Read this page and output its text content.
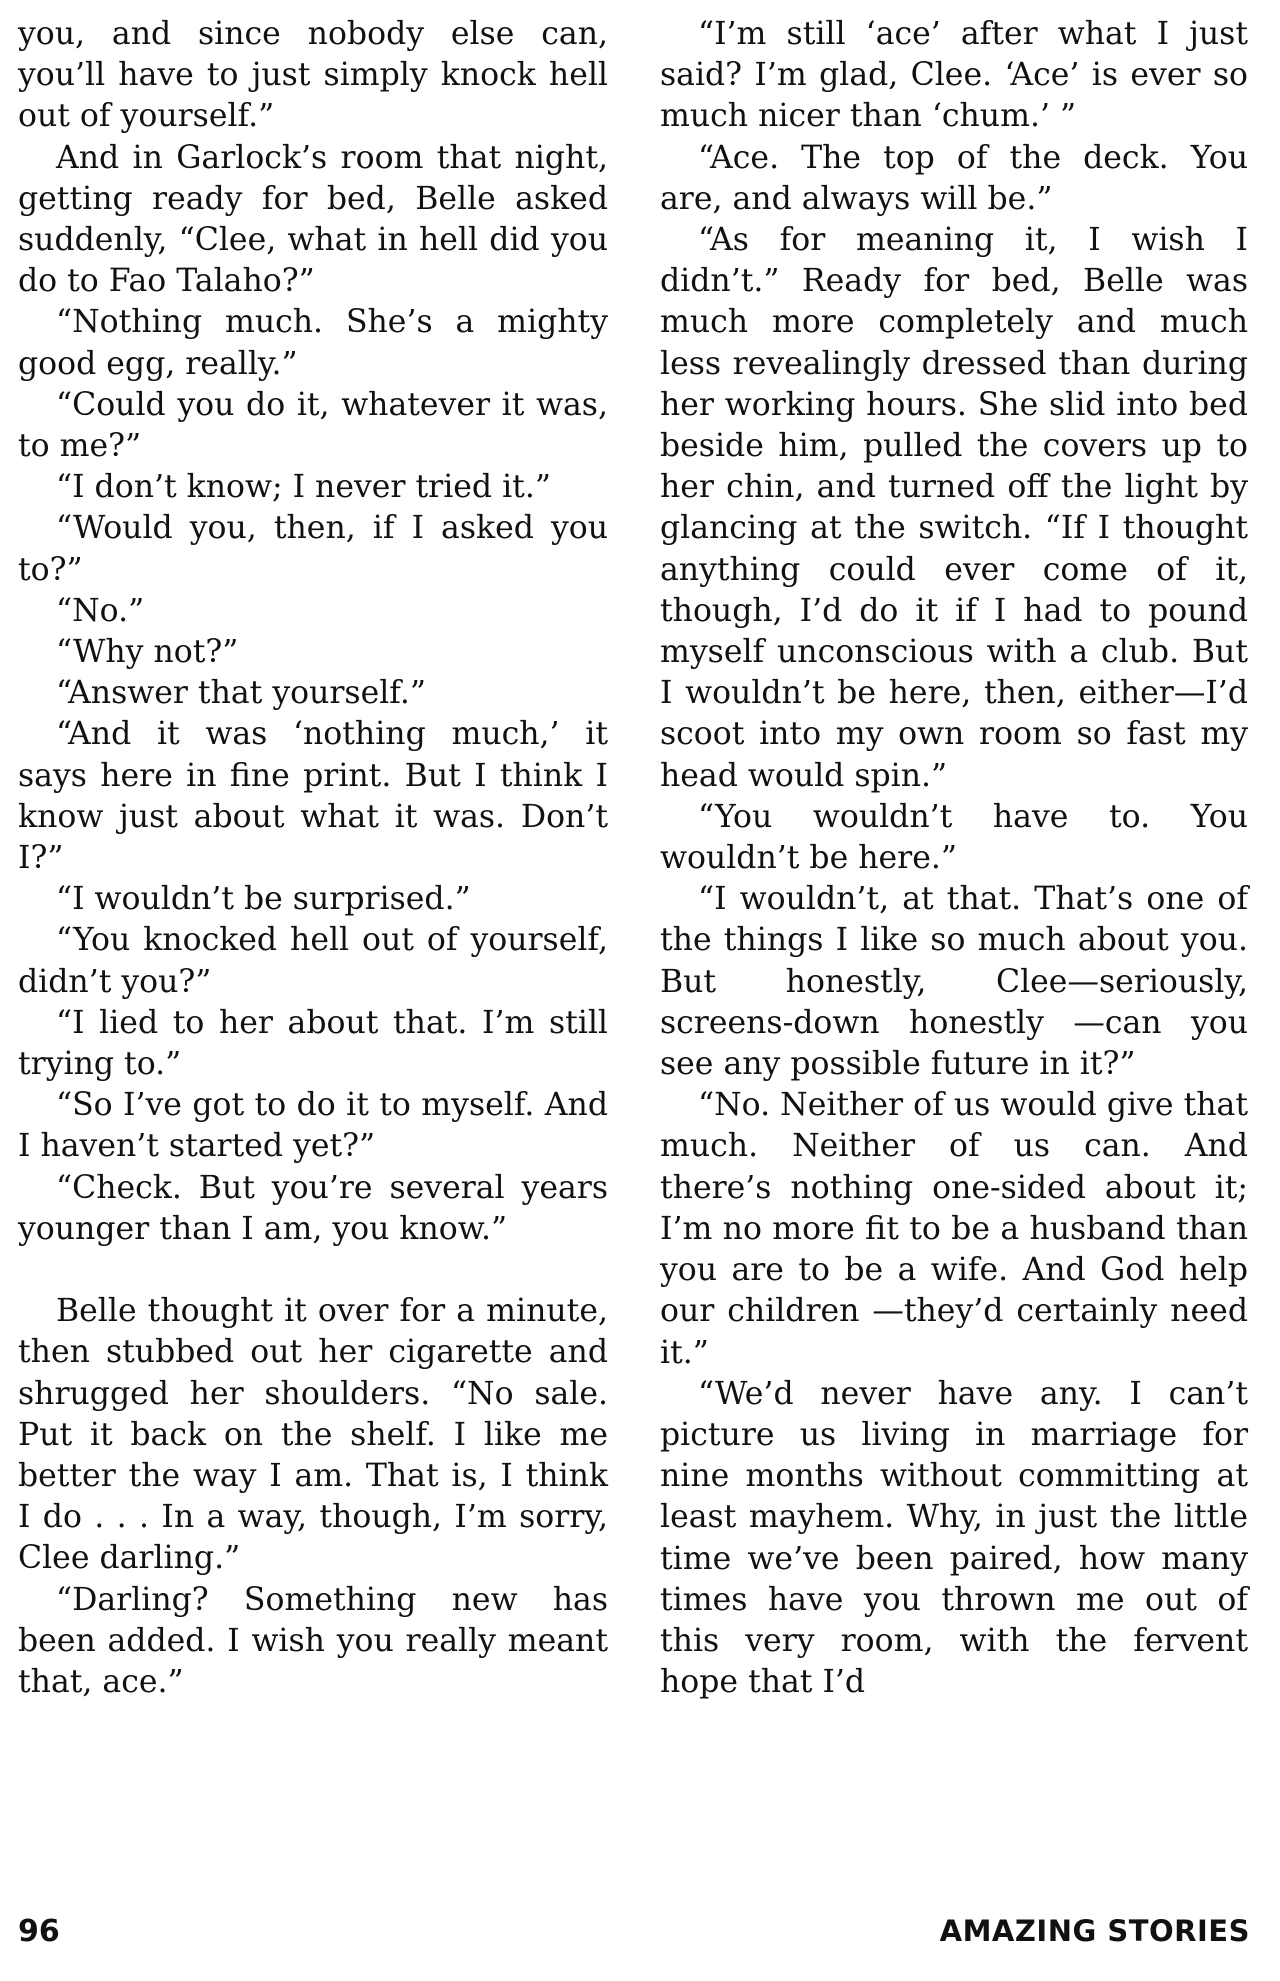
you, and since nobody else can, you’ll have to just simply knock hell out of yourself.”

And in Garlock’s room that night, getting ready for bed, Belle asked suddenly, “Clee, what in hell did you do to Fao Talaho?”

“Nothing much. She’s a mighty good egg, really.”

“Could you do it, whatever it was, to me?”

“I don’t know; I never tried it.”

“Would you, then, if I asked you to?”

“No.”

“Why not?”

“Answer that yourself.”

“And it was ‘nothing much,’ it says here in fine print. But I think I know just about what it was. Don’t I?”

“I wouldn’t be surprised.”

“You knocked hell out of yourself, didn’t you?”

“I lied to her about that. I’m still trying to.”

“So I’ve got to do it to myself. And I haven’t started yet?”

“Check. But you’re several years younger than I am, you know.”

Belle thought it over for a minute, then stubbed out her cigarette and shrugged her shoulders. “No sale. Put it back on the shelf. I like me better the way I am. That is, I think I do . . . In a way, though, I’m sorry, Clee darling.”

“Darling? Something new has been added. I wish you really meant that, ace.”

“I’m still ‘ace’ after what I just said? I’m glad, Clee. ‘Ace’ is ever so much nicer than ‘chum.’ ”

“Ace. The top of the deck. You are, and always will be.”

“As for meaning it, I wish I didn’t.” Ready for bed, Belle was much more completely and much less revealingly dressed than during her working hours. She slid into bed beside him, pulled the covers up to her chin, and turned off the light by glancing at the switch. “If I thought anything could ever come of it, though, I’d do it if I had to pound myself unconscious with a club. But I wouldn’t be here, then, either—I’d scoot into my own room so fast my head would spin.”

“You wouldn’t have to. You wouldn’t be here.”

“I wouldn’t, at that. That’s one of the things I like so much about you. But honestly, Clee—seriously, screens-down honestly —can you see any possible future in it?”

“No. Neither of us would give that much. Neither of us can. And there’s nothing one-sided about it; I’m no more fit to be a husband than you are to be a wife. And God help our children —they’d certainly need it.”

“We’d never have any. I can’t picture us living in marriage for nine months without committing at least mayhem. Why, in just the little time we’ve been paired, how many times have you thrown me out of this very room, with the fervent hope that I’d

96	AMAZING STORIES
